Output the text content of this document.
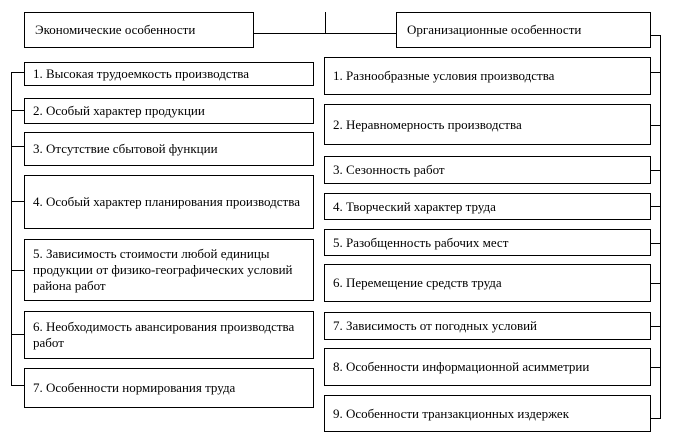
Экономические особенности	Организационные особенности
1. Высокая трудоемкость производства
2. Особый характер продукции
3. Отсутствие сбытовой функции
4. Особый характер планирования производства
5. Зависимость стоимости любой единицы продукции от физико-географических условий района работ
6. Необходимость авансирования производства работ
7. Особенности нормирования труда
1. Разнообразные условия производства
2. Неравномерность производства
3. Сезонность работ
4. Творческий характер труда
5. Разобщенность рабочих мест
6. Перемещение средств труда
7. Зависимость от погодных условий
8. Особенности информационной асимметрии
9. Особенности транзакционных издержек
